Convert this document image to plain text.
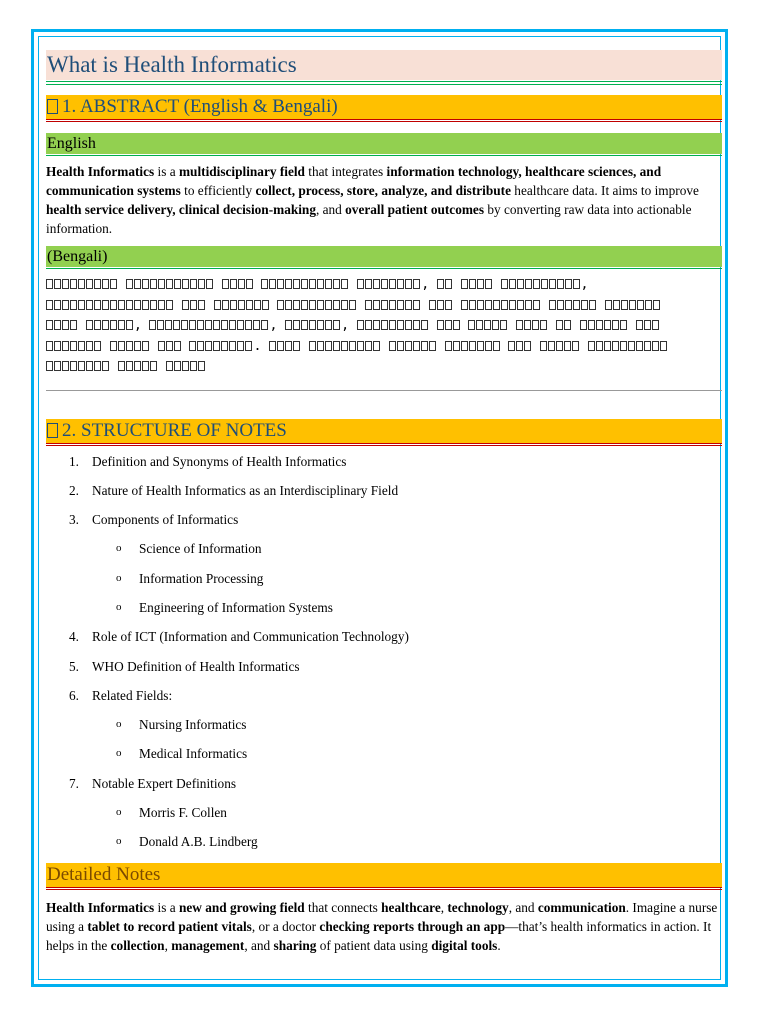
What is Health Informatics
1. ABSTRACT (English & Bengali)
English

Health Informatics is a multidisciplinary field that integrates information technology, healthcare sciences, and communication systems to efficiently collect, process, store, analyze, and distribute healthcare data. It aims to improve health service delivery, clinical decision-making, and overall patient outcomes by converting raw data into actionable information.

(Bengali)
,	,

,	,	,
.

2. STRUCTURE OF NOTES
1. Definition and Synonyms of Health Informatics
2. Nature of Health Informatics as an Interdisciplinary Field
3. Components of Informatics
o Science of Information
o Information Processing
o Engineering of Information Systems
4. Role of ICT (Information and Communication Technology)
5. WHO Definition of Health Informatics
6. Related Fields:
o Nursing Informatics
o Medical Informatics
7. Notable Expert Definitions
o Morris F. Collen
o Donald A.B. Lindberg
Detailed Notes

Health Informatics is a new and growing field that connects healthcare, technology, and communication. Imagine a nurse using a tablet to record patient vitals, or a doctor checking reports through an app—that’s health informatics in action. It helps in the collection, management, and sharing of patient data using digital tools.
